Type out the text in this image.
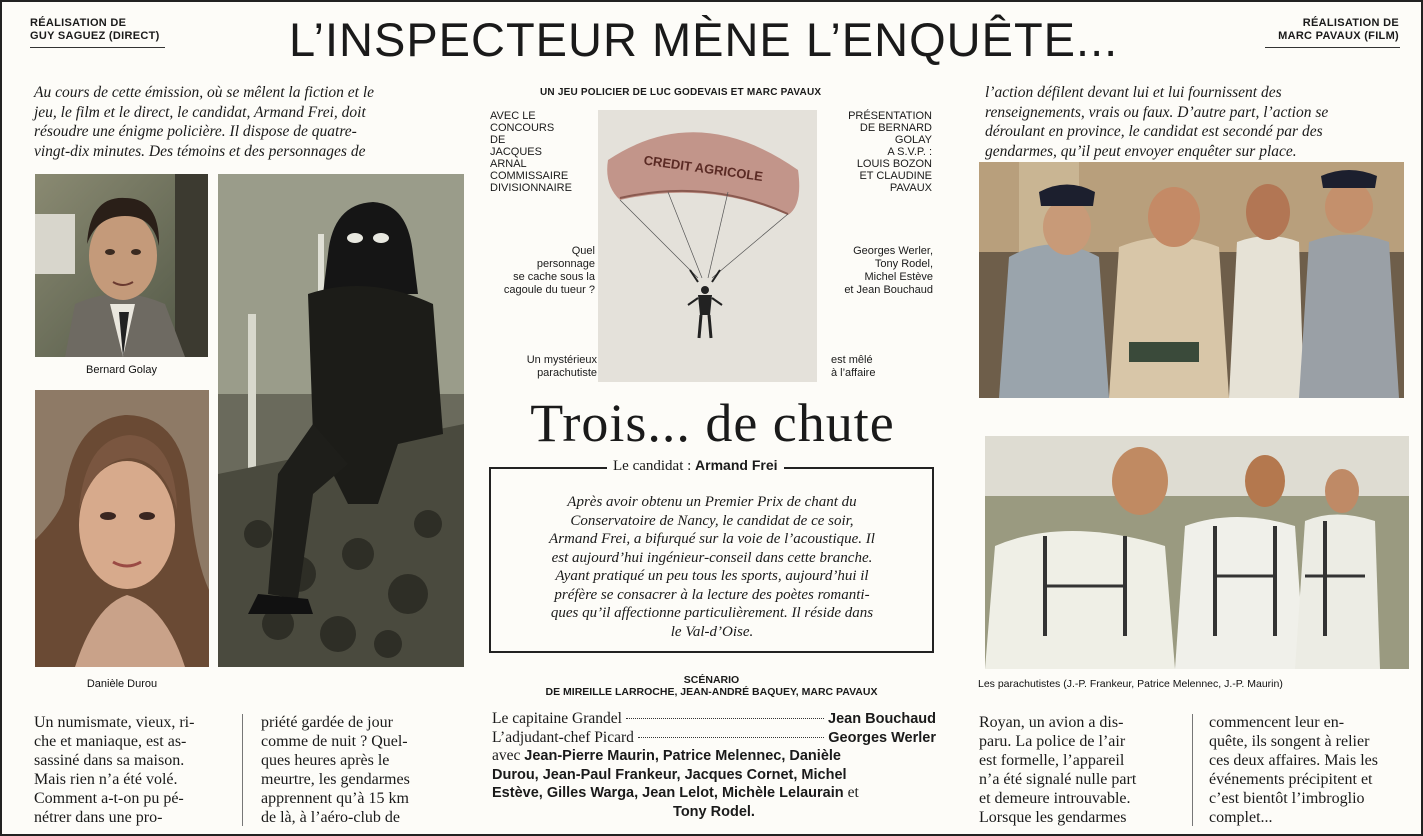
RÉALISATION DE
GUY SAGUEZ (DIRECT)	L’INSPECTEUR MÈNE L’ENQUÊTE...	RÉALISATION DE
MARC PAVAUX (FILM)
Au cours de cette émission, où se mêlent la fiction et le
jeu, le film et le direct, le candidat, Armand Frei, doit
résoudre une énigme policière. Il dispose de quatre-
vingt-dix minutes. Des témoins et des personnages de
l’action défilent devant lui et lui fournissent des
renseignements, vrais ou faux. D’autre part, l’action se
déroulant en province, le candidat est secondé par des
gendarmes, qu’il peut envoyer enquêter sur place.
Bernard Golay
Danièle Durou
UN JEU POLICIER DE LUC GODEVAIS ET MARC PAVAUX
AVEC LE
CONCOURS
DE
JACQUES
ARNAL
COMMISSAIRE
DIVISIONNAIRE
PRÉSENTATION
DE BERNARD
GOLAY
A S.V.P. :
LOUIS BOZON
ET CLAUDINE
PAVAUX
CREDIT AGRICOLE
Quel
personnage
se cache sous la
cagoule du tueur ?
Georges Werler,
Tony Rodel,
Michel Estève
et Jean Bouchaud
Un mystérieux
parachutiste
est mêlé
à l’affaire
Trois... de chute
Le candidat : Armand Frei
Après avoir obtenu un Premier Prix de chant du
Conservatoire de Nancy, le candidat de ce soir,
Armand Frei, a bifurqué sur la voie de l’acoustique. Il
est aujourd’hui ingénieur-conseil dans cette branche.
Ayant pratiqué un peu tous les sports, aujourd’hui il
préfère se consacrer à la lecture des poètes romanti-
ques qu’il affectionne particulièrement. Il réside dans
le Val-d’Oise.
SCÉNARIO
DE MIREILLE LARROCHE, JEAN-ANDRÉ BAQUEY, MARC PAVAUX
Le capitaine Grandel	Jean Bouchaud
L’adjudant-chef Picard	Georges Werler
avec Jean-Pierre Maurin, Patrice Melennec, Danièle
Durou, Jean-Paul Frankeur, Jacques Cornet, Michel
Estève, Gilles Warga, Jean Lelot, Michèle Lelaurain et
Tony Rodel.
Les parachutistes (J.-P. Frankeur, Patrice Melennec, J.-P. Maurin)
Un numismate, vieux, ri-
che et maniaque, est as-
sassiné dans sa maison.
Mais rien n’a été volé.
Comment a-t-on pu pé-
nétrer dans une pro-
priété gardée de jour
comme de nuit ? Quel-
ques heures après le
meurtre, les gendarmes
apprennent qu’à 15 km
de là, à l’aéro-club de
Royan, un avion a dis-
paru. La police de l’air
est formelle, l’appareil
n’a été signalé nulle part
et demeure introuvable.
Lorsque les gendarmes
commencent leur en-
quête, ils songent à relier
ces deux affaires. Mais les
événements précipitent et
c’est bientôt l’imbroglio
complet...
